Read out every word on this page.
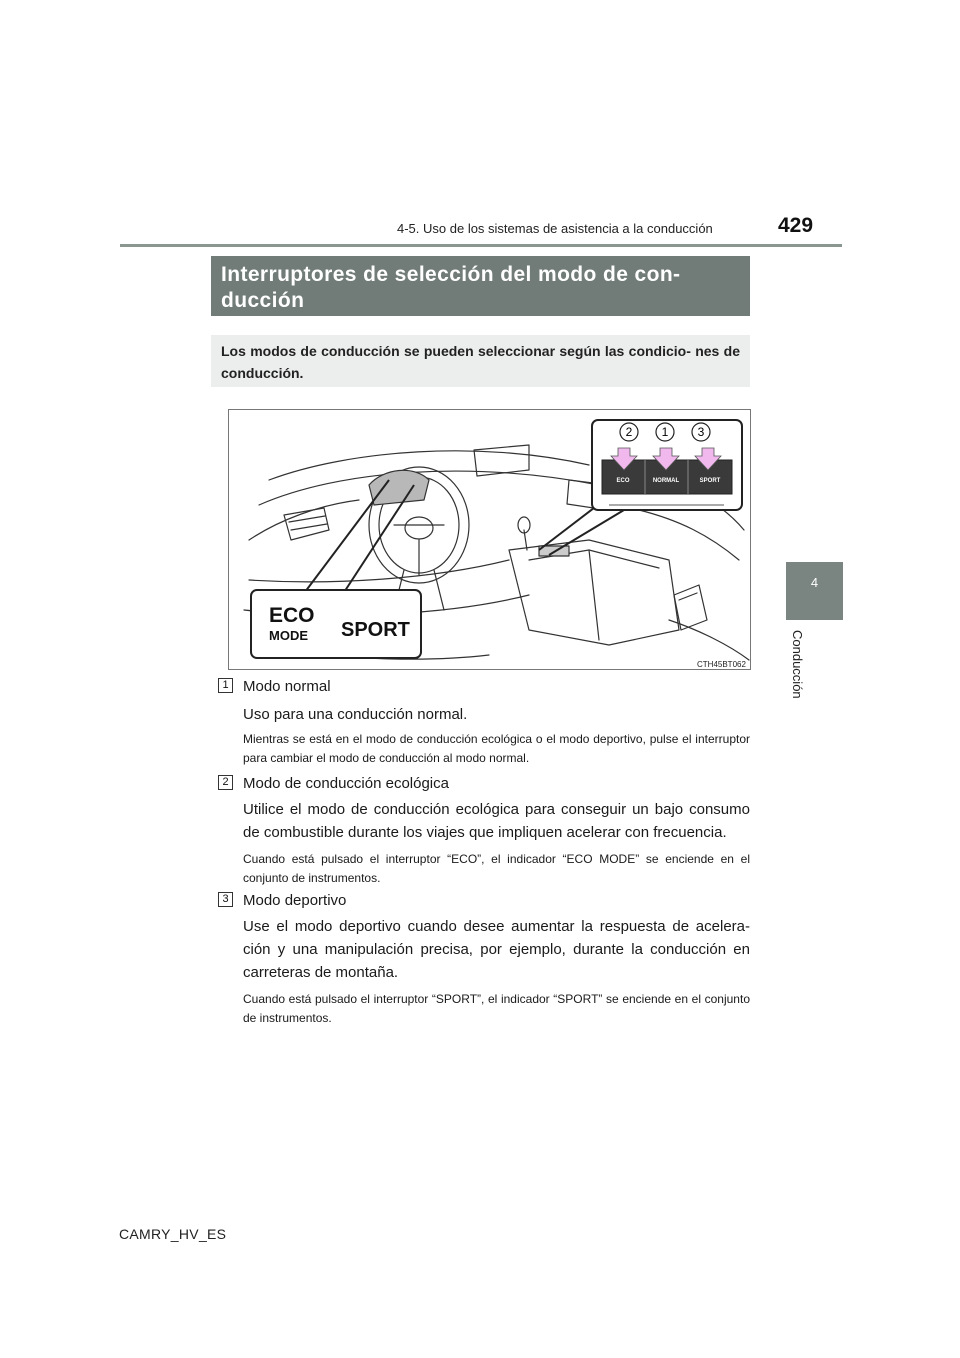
4-5. Uso de los sistemas de asistencia a la conducción	429
4
Conducción
Interruptores de selección del modo de con-
ducción
Los modos de conducción se pueden seleccionar según las condicio- nes de conducción.
2 1 3
ECO	NORMAL	SPORT
ECO
MODE SPORT
CTH45BT062
1 Modo normal
Uso para una conducción normal.
Mientras se está en el modo de conducción ecológica o el modo deportivo, pulse el interruptor para cambiar el modo de conducción al modo normal.
2 Modo de conducción ecológica
Utilice el modo de conducción ecológica para conseguir un bajo consumo de combustible durante los viajes que impliquen acelerar con frecuencia.
Cuando está pulsado el interruptor “ECO”, el indicador “ECO MODE” se enciende en el conjunto de instrumentos.
3 Modo deportivo
Use el modo deportivo cuando desee aumentar la respuesta de acelera- ción y una manipulación precisa, por ejemplo, durante la conducción en carreteras de montaña.
Cuando está pulsado el interruptor “SPORT”, el indicador “SPORT” se enciende en el conjunto de instrumentos.
CAMRY_HV_ES
